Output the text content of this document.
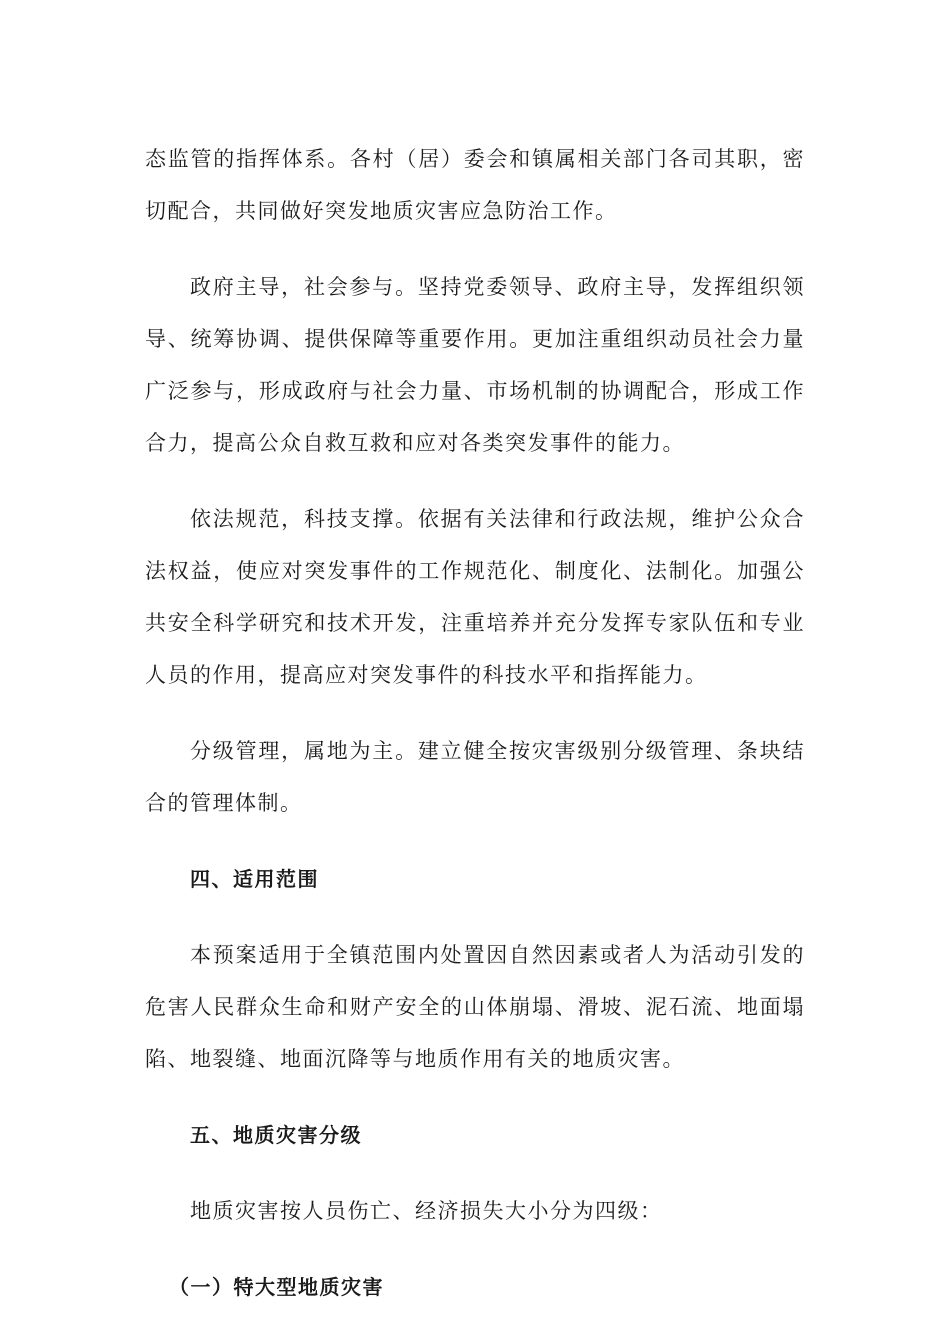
态监管的指挥体系。各村（居）委会和镇属相关部门各司其职，密切配合，共同做好突发地质灾害应急防治工作。

政府主导，社会参与。坚持党委领导、政府主导，发挥组织领导、统筹协调、提供保障等重要作用。更加注重组织动员社会力量广泛参与，形成政府与社会力量、市场机制的协调配合，形成工作合力，提高公众自救互救和应对各类突发事件的能力。

依法规范，科技支撑。依据有关法律和行政法规，维护公众合法权益，使应对突发事件的工作规范化、制度化、法制化。加强公共安全科学研究和技术开发，注重培养并充分发挥专家队伍和专业人员的作用，提高应对突发事件的科技水平和指挥能力。

分级管理，属地为主。建立健全按灾害级别分级管理、条块结合的管理体制。

四、适用范围

本预案适用于全镇范围内处置因自然因素或者人为活动引发的危害人民群众生命和财产安全的山体崩塌、滑坡、泥石流、地面塌陷、地裂缝、地面沉降等与地质作用有关的地质灾害。

五、地质灾害分级

地质灾害按人员伤亡、经济损失大小分为四级：

（一）特大型地质灾害
